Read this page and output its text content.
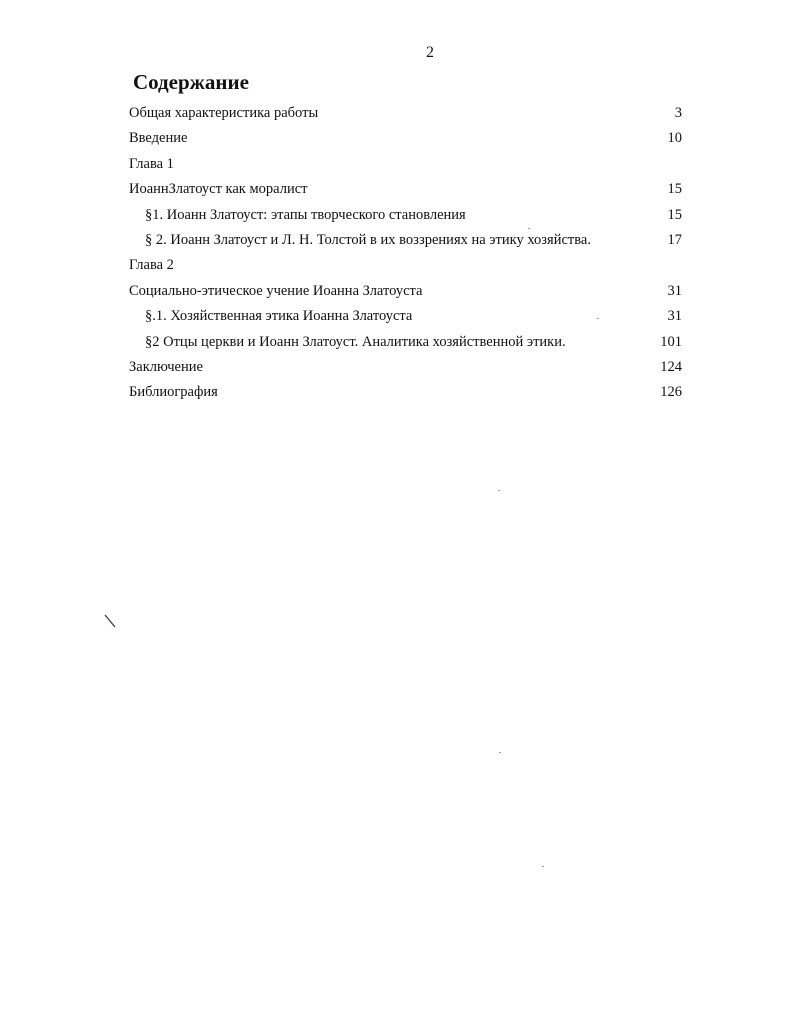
2
Содержание
Общая характеристика работы	3
Введение	10
Глава 1
ИоаннЗлатоуст как моралист	15
§1. Иоанн Златоуст: этапы творческого становления	15
§ 2. Иоанн Златоуст и Л. Н. Толстой в их воззрениях на этику хозяйства.	17
Глава 2
Социально-этическое учение Иоанна Златоуста	31
§.1. Хозяйственная этика Иоанна Златоуста	31
§2 Отцы церкви и Иоанн Златоуст. Аналитика хозяйственной этики.	101
Заключение	124
Библиография	126
